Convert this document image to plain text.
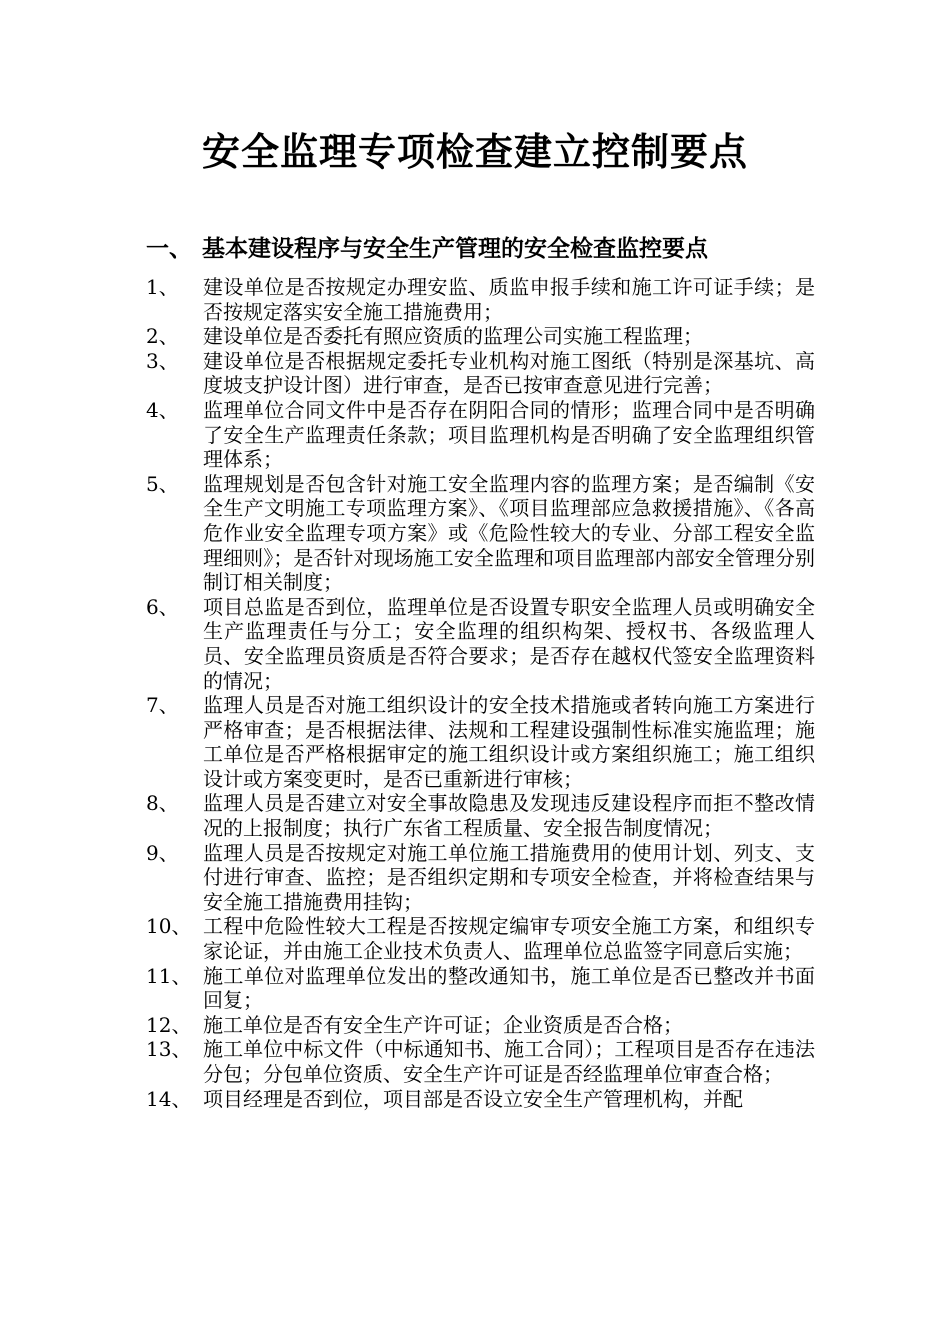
安全监理专项检查建立控制要点
一、 基本建设程序与安全生产管理的安全检查监控要点
1、	建设单位是否按规定办理安监、质监申报手续和施工许可证手续；是否按规定落实安全施工措施费用；
2、	建设单位是否委托有照应资质的监理公司实施工程监理；
3、	建设单位是否根据规定委托专业机构对施工图纸（特别是深基坑、高度坡支护设计图）进行审查，是否已按审查意见进行完善；
4、	监理单位合同文件中是否存在阴阳合同的情形；监理合同中是否明确了安全生产监理责任条款；项目监理机构是否明确了安全监理组织管理体系；
5、	监理规划是否包含针对施工安全监理内容的监理方案；是否编制《安全生产文明施工专项监理方案》、《项目监理部应急救援措施》、《各高危作业安全监理专项方案》或《危险性较大的专业、分部工程安全监理细则》；是否针对现场施工安全监理和项目监理部内部安全管理分别制订相关制度；
6、	项目总监是否到位，监理单位是否设置专职安全监理人员或明确安全生产监理责任与分工；安全监理的组织构架、授权书、各级监理人员、安全监理员资质是否符合要求；是否存在越权代签安全监理资料的情况；
7、	监理人员是否对施工组织设计的安全技术措施或者转向施工方案进行严格审查；是否根据法律、法规和工程建设强制性标准实施监理；施工单位是否严格根据审定的施工组织设计或方案组织施工；施工组织设计或方案变更时，是否已重新进行审核；
8、	监理人员是否建立对安全事故隐患及发现违反建设程序而拒不整改情况的上报制度；执行广东省工程质量、安全报告制度情况；
9、	监理人员是否按规定对施工单位施工措施费用的使用计划、列支、支付进行审查、监控；是否组织定期和专项安全检查，并将检查结果与安全施工措施费用挂钩；
10、 工程中危险性较大工程是否按规定编审专项安全施工方案，和组织专家论证，并由施工企业技术负责人、监理单位总监签字同意后实施；
11、 施工单位对监理单位发出的整改通知书，施工单位是否已整改并书面回复；
12、 施工单位是否有安全生产许可证；企业资质是否合格；
13、 施工单位中标文件（中标通知书、施工合同）；工程项目是否存在违法分包；分包单位资质、安全生产许可证是否经监理单位审查合格；
14、 项目经理是否到位，项目部是否设立安全生产管理机构，并配
